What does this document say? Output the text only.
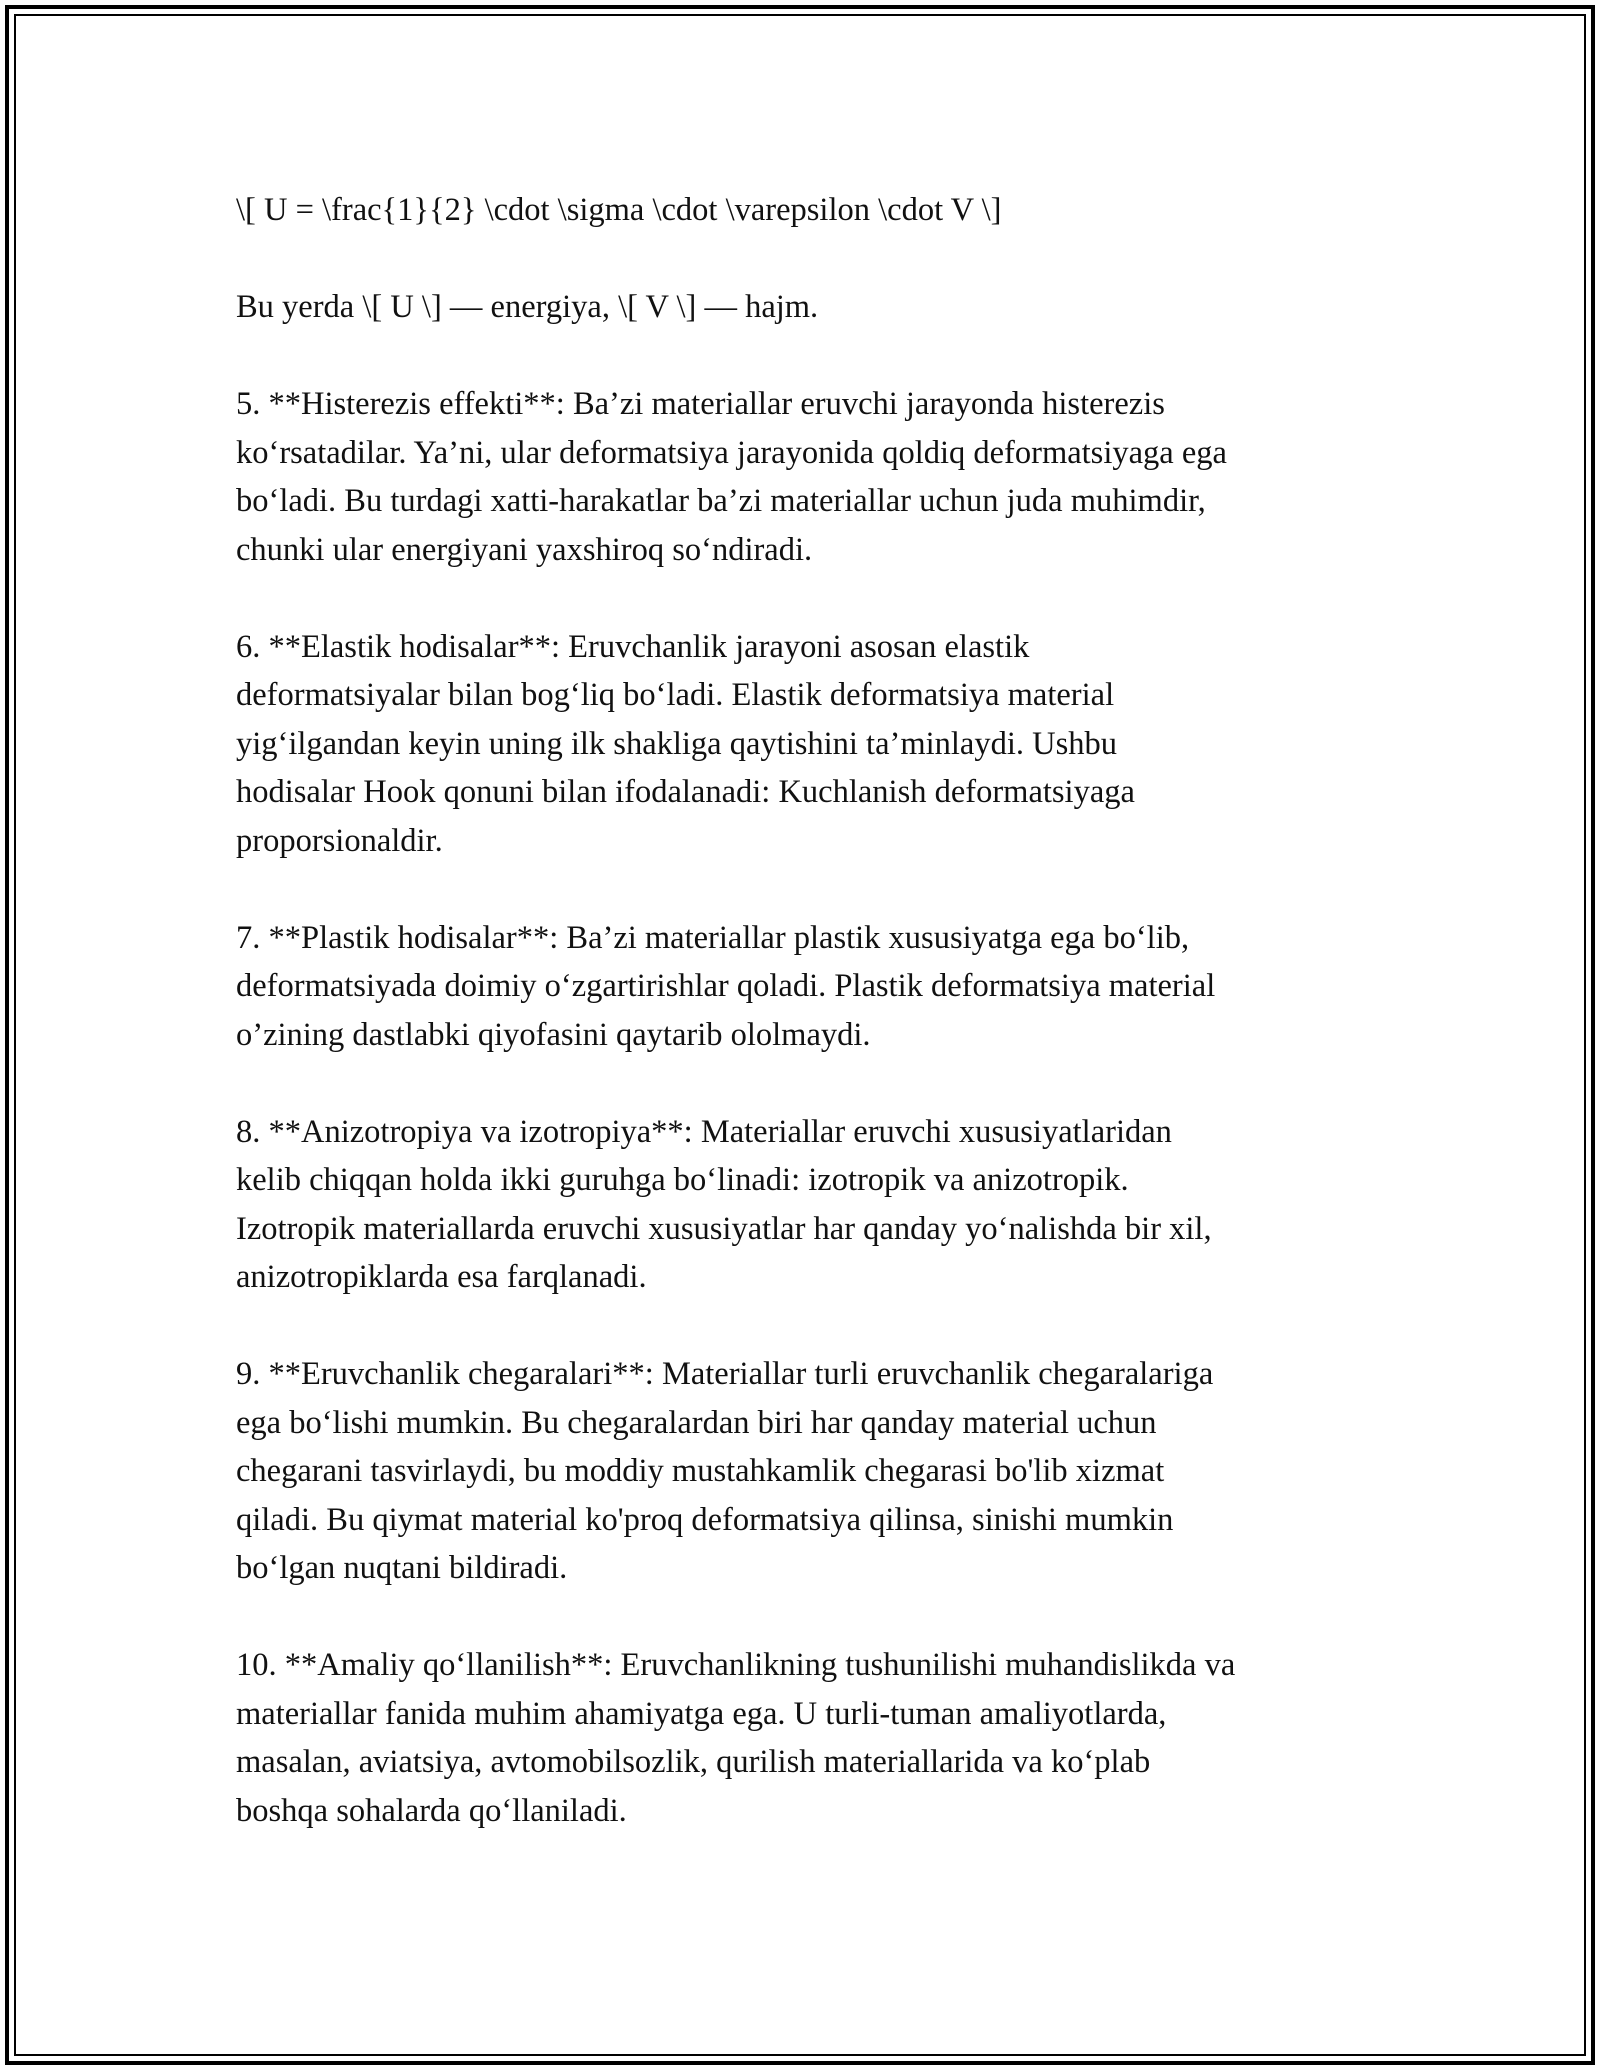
\[ U = \frac{1}{2} \cdot \sigma \cdot \varepsilon \cdot V \]

Bu yerda \[ U \] — energiya, \[ V \] — hajm.

5. **Histerezis effekti**: Ba’zi materiallar eruvchi jarayonda histerezis
ko‘rsatadilar. Ya’ni, ular deformatsiya jarayonida qoldiq deformatsiyaga ega
bo‘ladi. Bu turdagi xatti-harakatlar ba’zi materiallar uchun juda muhimdir,
chunki ular energiyani yaxshiroq so‘ndiradi.

6. **Elastik hodisalar**: Eruvchanlik jarayoni asosan elastik
deformatsiyalar bilan bog‘liq bo‘ladi. Elastik deformatsiya material
yig‘ilgandan keyin uning ilk shakliga qaytishini ta’minlaydi. Ushbu
hodisalar Hook qonuni bilan ifodalanadi: Kuchlanish deformatsiyaga
proporsionaldir.

7. **Plastik hodisalar**: Ba’zi materiallar plastik xususiyatga ega bo‘lib,
deformatsiyada doimiy o‘zgartirishlar qoladi. Plastik deformatsiya material
o’zining dastlabki qiyofasini qaytarib ololmaydi.

8. **Anizotropiya va izotropiya**: Materiallar eruvchi xususiyatlaridan
kelib chiqqan holda ikki guruhga bo‘linadi: izotropik va anizotropik.
Izotropik materiallarda eruvchi xususiyatlar har qanday yo‘nalishda bir xil,
anizotropiklarda esa farqlanadi.

9. **Eruvchanlik chegaralari**: Materiallar turli eruvchanlik chegaralariga
ega bo‘lishi mumkin. Bu chegaralardan biri har qanday material uchun
chegarani tasvirlaydi, bu moddiy mustahkamlik chegarasi bo'lib xizmat
qiladi. Bu qiymat material ko'proq deformatsiya qilinsa, sinishi mumkin
bo‘lgan nuqtani bildiradi.

10. **Amaliy qo‘llanilish**: Eruvchanlikning tushunilishi muhandislikda va
materiallar fanida muhim ahamiyatga ega. U turli-tuman amaliyotlarda,
masalan, aviatsiya, avtomobilsozlik, qurilish materiallarida va ko‘plab
boshqa sohalarda qo‘llaniladi.
